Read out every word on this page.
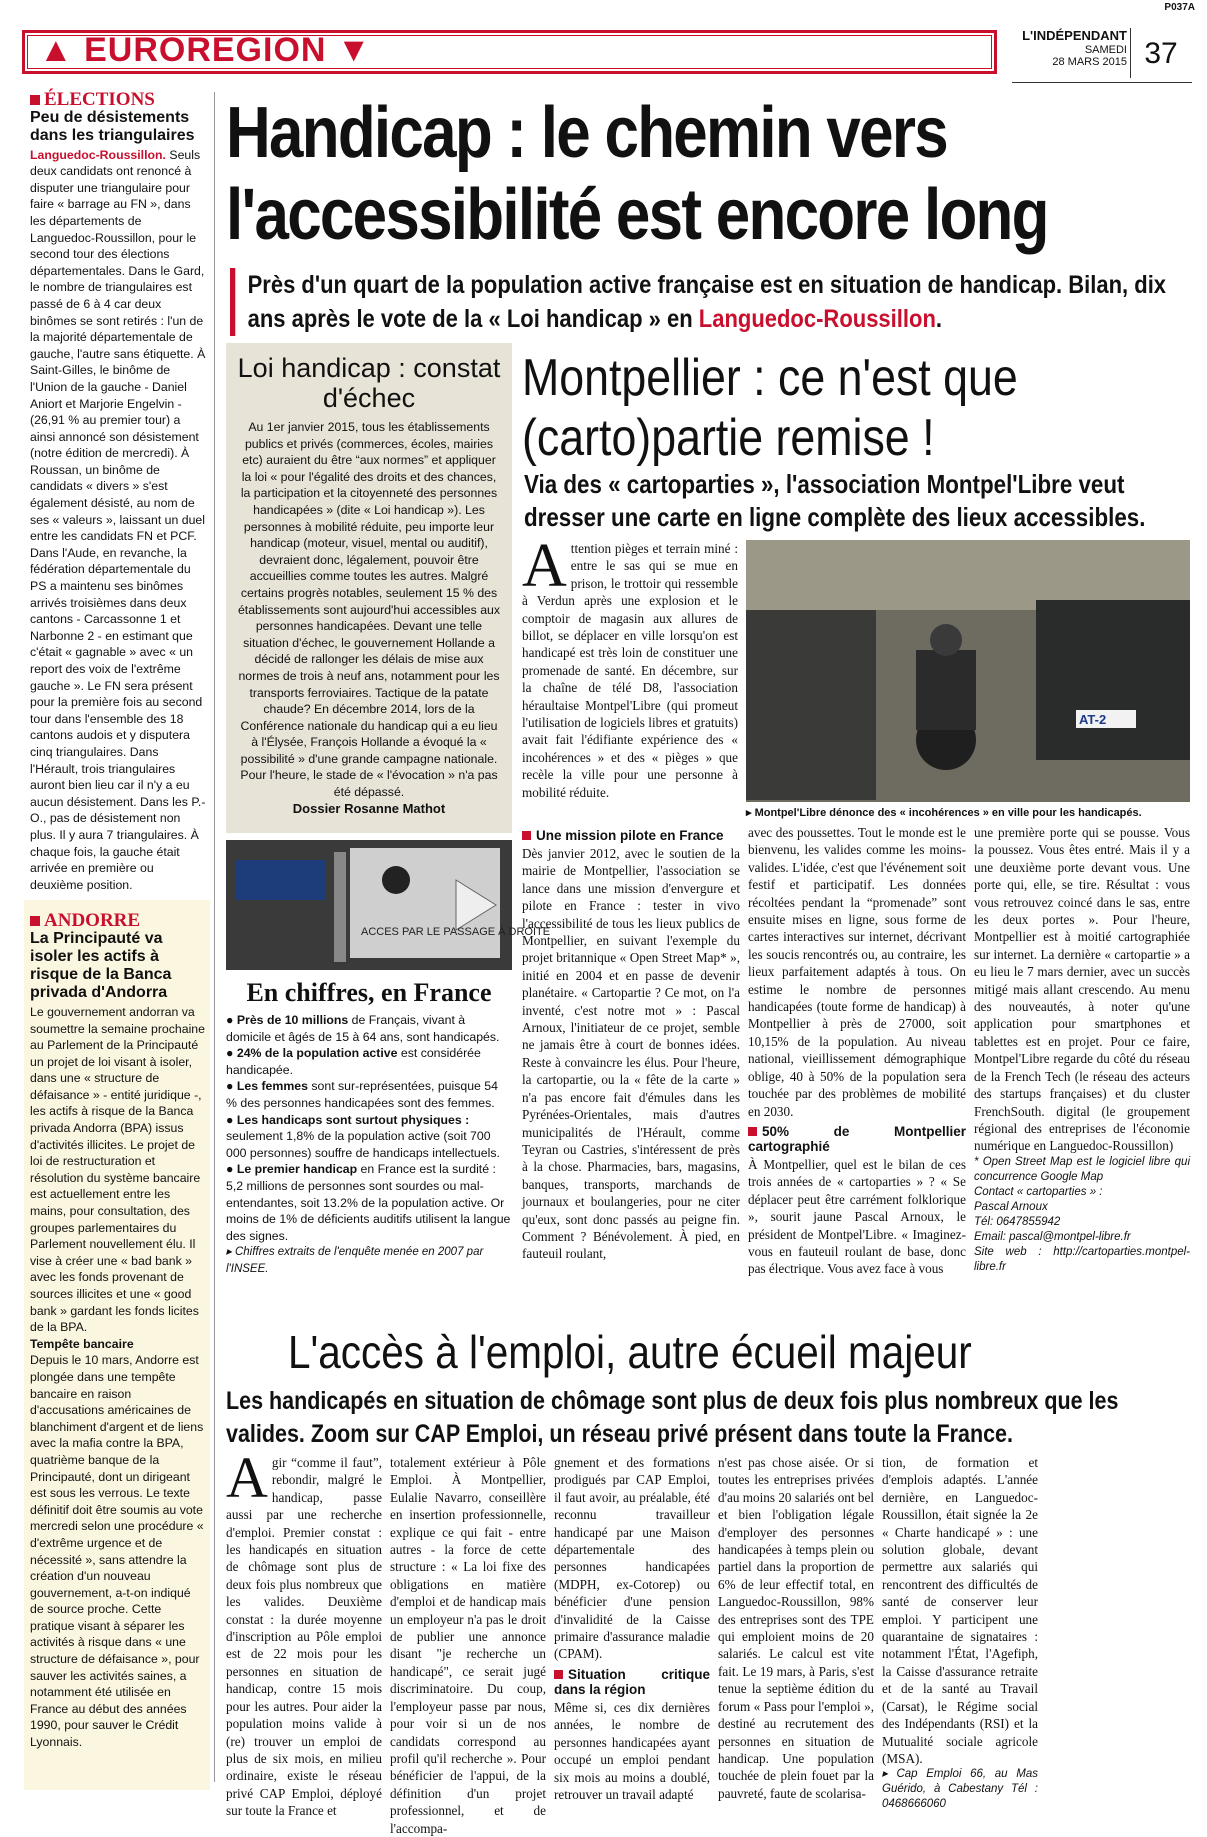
P037A
▲ EUROREGION ▼	L'INDÉPENDANT
SAMEDI
28 MARS 2015 37
ÉLECTIONS
Peu de désistements dans les triangulaires
Languedoc-Roussillon. Seuls deux candidats ont renoncé à disputer une triangulaire pour faire « barrage au FN », dans les départements de Languedoc-Roussillon, pour le second tour des élections départementales. Dans le Gard, le nombre de triangulaires est passé de 6 à 4 car deux binômes se sont retirés : l'un de la majorité départementale de gauche, l'autre sans étiquette. À Saint-Gilles, le binôme de l'Union de la gauche - Daniel Aniort et Marjorie Engelvin - (26,91 % au premier tour) a ainsi annoncé son désistement (notre édition de mercredi). À Roussan, un binôme de candidats « divers » s'est également désisté, au nom de ses « valeurs », laissant un duel entre les candidats FN et PCF. Dans l'Aude, en revanche, la fédération départementale du PS a maintenu ses binômes arrivés troisièmes dans deux cantons - Carcassonne 1 et Narbonne 2 - en estimant que c'était « gagnable » avec « un report des voix de l'extrême gauche ». Le FN sera présent pour la première fois au second tour dans l'ensemble des 18 cantons audois et y disputera cinq triangulaires. Dans l'Hérault, trois triangulaires auront bien lieu car il n'y a eu aucun désistement. Dans les P.-O., pas de désistement non plus. Il y aura 7 triangulaires. À chaque fois, la gauche était arrivée en première ou deuxième position.
ANDORRE
La Principauté va isoler les actifs à risque de la Banca privada d'Andorra
Le gouvernement andorran va soumettre la semaine prochaine au Parlement de la Principauté un projet de loi visant à isoler, dans une « structure de défaisance » - entité juridique -, les actifs à risque de la Banca privada Andorra (BPA) issus d'activités illicites. Le projet de loi de restructuration et résolution du système bancaire est actuellement entre les mains, pour consultation, des groupes parlementaires du Parlement nouvellement élu. Il vise à créer une « bad bank » avec les fonds provenant de sources illicites et une « good bank » gardant les fonds licites de la BPA.
Tempête bancaire
Depuis le 10 mars, Andorre est plongée dans une tempête bancaire en raison d'accusations américaines de blanchiment d'argent et de liens avec la mafia contre la BPA, quatrième banque de la Principauté, dont un dirigeant est sous les verrous. Le texte définitif doit être soumis au vote mercredi selon une procédure « d'extrême urgence et de nécessité », sans attendre la création d'un nouveau gouvernement, a-t-on indiqué de source proche. Cette pratique visant à séparer les activités à risque dans « une structure de défaisance », pour sauver les activités saines, a notamment été utilisée en France au début des années 1990, pour sauver le Crédit Lyonnais.
Handicap : le chemin vers l'accessibilité est encore long
Près d'un quart de la population active française est en situation de handicap. Bilan, dix ans après le vote de la « Loi handicap » en Languedoc-Roussillon.
Loi handicap : constat d'échec
Au 1er janvier 2015, tous les établissements publics et privés (commerces, écoles, mairies etc) auraient du être “aux normes” et appliquer la loi « pour l'égalité des droits et des chances, la participation et la citoyenneté des personnes handicapées » (dite « Loi handicap »). Les personnes à mobilité réduite, peu importe leur handicap (moteur, visuel, mental ou auditif), devraient donc, légalement, pouvoir être accueillies comme toutes les autres. Malgré certains progrès notables, seulement 15 % des établissements sont aujourd'hui accessibles aux personnes handicapées. Devant une telle situation d'échec, le gouvernement Hollande a décidé de rallonger les délais de mise aux normes de trois à neuf ans, notamment pour les transports ferroviaires. Tactique de la patate chaude? En décembre 2014, lors de la Conférence nationale du handicap qui a eu lieu à l'Élysée, François Hollande a évoqué la « possibilité » d'une grande campagne nationale. Pour l'heure, le stade de « l'évocation » n'a pas été dépassé.
Dossier Rosanne Mathot
ACCES PAR LE PASSAGE À DROITE
En chiffres, en France
● Près de 10 millions de Français, vivant à domicile et âgés de 15 à 64 ans, sont handicapés.
● 24% de la population active est considérée handicapée.
● Les femmes sont sur-représentées, puisque 54 % des personnes handicapées sont des femmes.
● Les handicaps sont surtout physiques : seulement 1,8% de la population active (soit 700 000 personnes) souffre de handicaps intellectuels.
● Le premier handicap en France est la surdité : 5,2 millions de personnes sont sourdes ou mal-entendantes, soit 13.2% de la population active. Or moins de 1% de déficients auditifs utilisent la langue des signes.
▸ Chiffres extraits de l'enquête menée en 2007 par l'INSEE.
Montpellier : ce n'est que (carto)partie remise !
Via des « cartoparties », l'association Montpel'Libre veut dresser une carte en ligne complète des lieux accessibles.
Attention pièges et terrain miné : entre le sas qui se mue en prison, le trottoir qui ressemble à Verdun après une explosion et le comptoir de magasin aux allures de billot, se déplacer en ville lorsqu'on est handicapé est très loin de constituer une promenade de santé. En décembre, sur la chaîne de télé D8, l'association héraultaise Montpel'Libre (qui promeut l'utilisation de logiciels libres et gratuits) avait fait l'édifiante expérience des « incohérences » et des « pièges » que recèle la ville pour une personne à mobilité réduite.
AT-2
▸ Montpel'Libre dénonce des « incohérences » en ville pour les handicapés.
Une mission pilote en France
Dès janvier 2012, avec le soutien de la mairie de Montpellier, l'association se lance dans une mission d'envergure et pilote en France : tester in vivo l'accessibilité de tous les lieux publics de Montpellier, en suivant l'exemple du projet britannique « Open Street Map* », initié en 2004 et en passe de devenir planétaire. « Cartopartie ? Ce mot, on l'a inventé, c'est notre mot » : Pascal Arnoux, l'initiateur de ce projet, semble ne jamais être à court de bonnes idées. Reste à convaincre les élus. Pour l'heure, la cartopartie, ou la « fête de la carte » n'a pas encore fait d'émules dans les Pyrénées-Orientales, mais d'autres municipalités de l'Hérault, comme Teyran ou Castries, s'intéressent de près à la chose. Pharmacies, bars, magasins, banques, transports, marchands de journaux et boulangeries, pour ne citer qu'eux, sont donc passés au peigne fin. Comment ? Bénévolement. À pied, en fauteuil roulant,
avec des poussettes. Tout le monde est le bienvenu, les valides comme les moins-valides. L'idée, c'est que l'événement soit festif et participatif. Les données récoltées pendant la “promenade” sont ensuite mises en ligne, sous forme de cartes interactives sur internet, décrivant les soucis rencontrés ou, au contraire, les lieux parfaitement adaptés à tous. On estime le nombre de personnes handicapées (toute forme de handicap) à Montpellier à près de 27000, soit 10,15% de la population. Au niveau national, vieillissement démographique oblige, 40 à 50% de la population sera touchée par des problèmes de mobilité en 2030.
50% de Montpellier cartographié
À Montpellier, quel est le bilan de ces trois années de « cartoparties » ? « Se déplacer peut être carrément folklorique », sourit jaune Pascal Arnoux, le président de Montpel'Libre. « Imaginez-vous en fauteuil roulant de base, donc pas électrique. Vous avez face à vous
une première porte qui se pousse. Vous la poussez. Vous êtes entré. Mais il y a une deuxième porte devant vous. Une porte qui, elle, se tire. Résultat : vous vous retrouvez coincé dans le sas, entre les deux portes ». Pour l'heure, Montpellier est à moitié cartographiée sur internet. La dernière « cartopartie » a eu lieu le 7 mars dernier, avec un succès mitigé mais allant crescendo. Au menu des nouveautés, à noter qu'une application pour smartphones et tablettes est en projet. Pour ce faire, Montpel'Libre regarde du côté du réseau de la French Tech (le réseau des acteurs des startups françaises) et du cluster FrenchSouth. digital (le groupement régional des entreprises de l'économie numérique en Languedoc-Roussillon)
* Open Street Map est le logiciel libre qui concurrence Google Map
Contact « cartoparties » :
Pascal Arnoux
Tél: 0647855942
Email: pascal@montpel-libre.fr
Site web : http://cartoparties.montpel-libre.fr
L'accès à l'emploi, autre écueil majeur
Les handicapés en situation de chômage sont plus de deux fois plus nombreux que les valides. Zoom sur CAP Emploi, un réseau privé présent dans toute la France.
Agir “comme il faut”, rebondir, malgré le handicap, passe aussi par une recherche d'emploi. Premier constat : les handicapés en situation de chômage sont plus de deux fois plus nombreux que les valides. Deuxième constat : la durée moyenne d'inscription au Pôle emploi est de 22 mois pour les personnes en situation de handicap, contre 15 mois pour les autres. Pour aider la population moins valide à (re) trouver un emploi de plus de six mois, en milieu ordinaire, existe le réseau privé CAP Emploi, déployé sur toute la France et
totalement extérieur à Pôle Emploi. À Montpellier, Eulalie Navarro, conseillère en insertion professionnelle, explique ce qui fait - entre autres - la force de cette structure : « La loi fixe des obligations en matière d'emploi et de handicap mais un employeur n'a pas le droit de publier une annonce disant "je recherche un handicapé", ce serait jugé discriminatoire. Du coup, l'employeur passe par nous, pour voir si un de nos candidats correspond au profil qu'il recherche ». Pour bénéficier de l'appui, de la définition d'un projet professionnel, et de l'accompa-
gnement et des formations prodigués par CAP Emploi, il faut avoir, au préalable, été reconnu travailleur handicapé par une Maison départementale des personnes handicapées (MDPH, ex-Cotorep) ou bénéficier d'une pension d'invalidité de la Caisse primaire d'assurance maladie (CPAM).
Situation critique dans la région
Même si, ces dix dernières années, le nombre de personnes handicapées ayant occupé un emploi pendant six mois au moins a doublé, retrouver un travail adapté
n'est pas chose aisée. Or si toutes les entreprises privées d'au moins 20 salariés ont bel et bien l'obligation légale d'employer des personnes handicapées à temps plein ou partiel dans la proportion de 6% de leur effectif total, en Languedoc-Roussillon, 98% des entreprises sont des TPE qui emploient moins de 20 salariés. Le calcul est vite fait. Le 19 mars, à Paris, s'est tenue la septième édition du forum « Pass pour l'emploi », destiné au recrutement des personnes en situation de handicap. Une population touchée de plein fouet par la pauvreté, faute de scolarisa-
tion, de formation et d'emplois adaptés. L'année dernière, en Languedoc-Roussillon, était signée la 2e « Charte handicapé » : une solution globale, devant permettre aux salariés qui rencontrent des difficultés de santé de conserver leur emploi. Y participent une quarantaine de signataires : notamment l'État, l'Agefiph, la Caisse d'assurance retraite et de la santé au Travail (Carsat), le Régime social des Indépendants (RSI) et la Mutualité sociale agricole (MSA).
▸ Cap Emploi 66, au Mas Guérido, à Cabestany Tél : 0468666060
